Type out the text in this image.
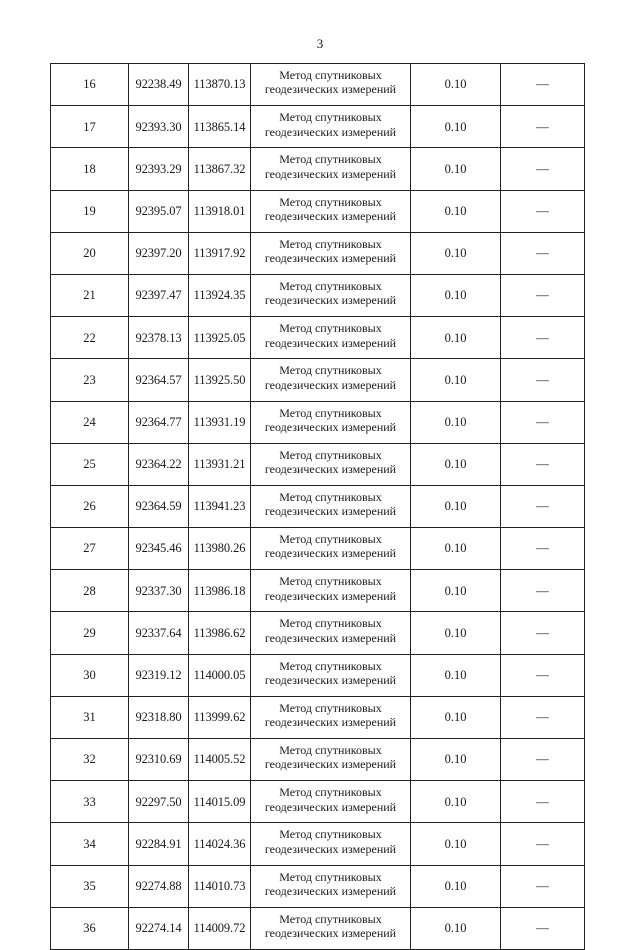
3
16	92238.49	113870.13	Метод спутниковых
геодезических измерений	0.10	—
17	92393.30	113865.14	Метод спутниковых
геодезических измерений	0.10	—
18	92393.29	113867.32	Метод спутниковых
геодезических измерений	0.10	—
19	92395.07	113918.01	Метод спутниковых
геодезических измерений	0.10	—
20	92397.20	113917.92	Метод спутниковых
геодезических измерений	0.10	—
21	92397.47	113924.35	Метод спутниковых
геодезических измерений	0.10	—
22	92378.13	113925.05	Метод спутниковых
геодезических измерений	0.10	—
23	92364.57	113925.50	Метод спутниковых
геодезических измерений	0.10	—
24	92364.77	113931.19	Метод спутниковых
геодезических измерений	0.10	—
25	92364.22	113931.21	Метод спутниковых
геодезических измерений	0.10	—
26	92364.59	113941.23	Метод спутниковых
геодезических измерений	0.10	—
27	92345.46	113980.26	Метод спутниковых
геодезических измерений	0.10	—
28	92337.30	113986.18	Метод спутниковых
геодезических измерений	0.10	—
29	92337.64	113986.62	Метод спутниковых
геодезических измерений	0.10	—
30	92319.12	114000.05	Метод спутниковых
геодезических измерений	0.10	—
31	92318.80	113999.62	Метод спутниковых
геодезических измерений	0.10	—
32	92310.69	114005.52	Метод спутниковых
геодезических измерений	0.10	—
33	92297.50	114015.09	Метод спутниковых
геодезических измерений	0.10	—
34	92284.91	114024.36	Метод спутниковых
геодезических измерений	0.10	—
35	92274.88	114010.73	Метод спутниковых
геодезических измерений	0.10	—
36	92274.14	114009.72	Метод спутниковых
геодезических измерений	0.10	—
